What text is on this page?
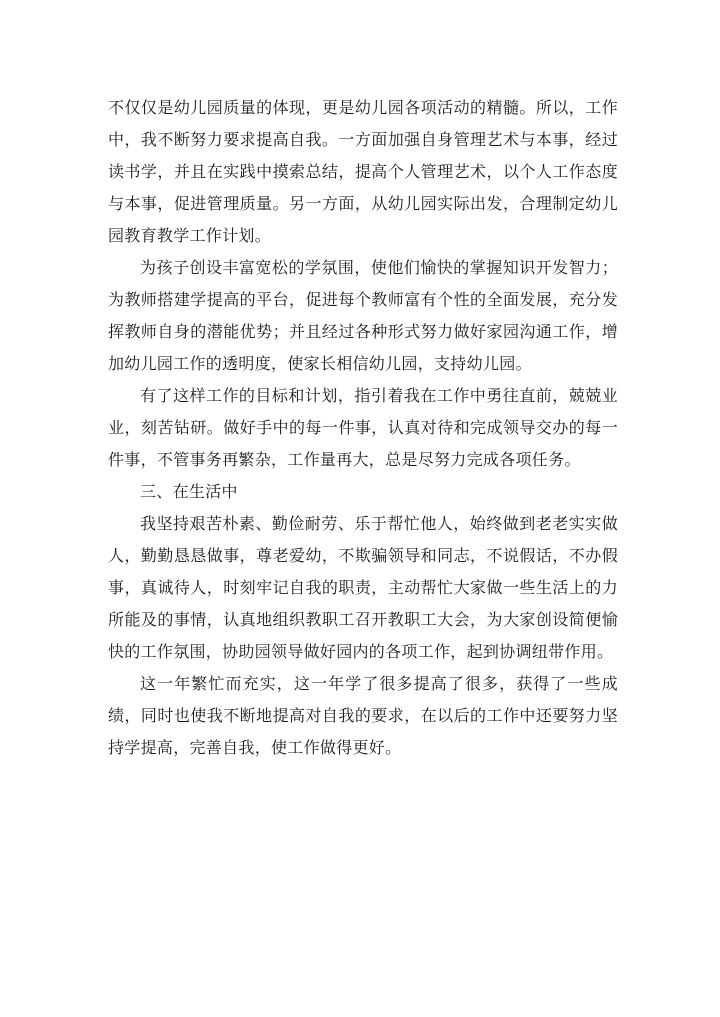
不仅仅是幼儿园质量的体现，更是幼儿园各项活动的精髓。所以，工作中，我不断努力要求提高自我。一方面加强自身管理艺术与本事，经过读书学，并且在实践中摸索总结，提高个人管理艺术，以个人工作态度与本事，促进管理质量。另一方面，从幼儿园实际出发，合理制定幼儿园教育教学工作计划。

为孩子创设丰富宽松的学氛围，使他们愉快的掌握知识开发智力；为教师搭建学提高的平台，促进每个教师富有个性的全面发展，充分发挥教师自身的潜能优势；并且经过各种形式努力做好家园沟通工作，增加幼儿园工作的透明度，使家长相信幼儿园，支持幼儿园。

有了这样工作的目标和计划，指引着我在工作中勇往直前，兢兢业业，刻苦钻研。做好手中的每一件事，认真对待和完成领导交办的每一件事，不管事务再繁杂，工作量再大，总是尽努力完成各项任务。

三、在生活中

我坚持艰苦朴素、勤俭耐劳、乐于帮忙他人，始终做到老老实实做人，勤勤恳恳做事，尊老爱幼，不欺骗领导和同志，不说假话，不办假事，真诚待人，时刻牢记自我的职责，主动帮忙大家做一些生活上的力所能及的事情，认真地组织教职工召开教职工大会，为大家创设简便愉快的工作氛围，协助园领导做好园内的各项工作，起到协调纽带作用。

这一年繁忙而充实，这一年学了很多提高了很多，获得了一些成绩，同时也使我不断地提高对自我的要求，在以后的工作中还要努力坚持学提高，完善自我，使工作做得更好。
